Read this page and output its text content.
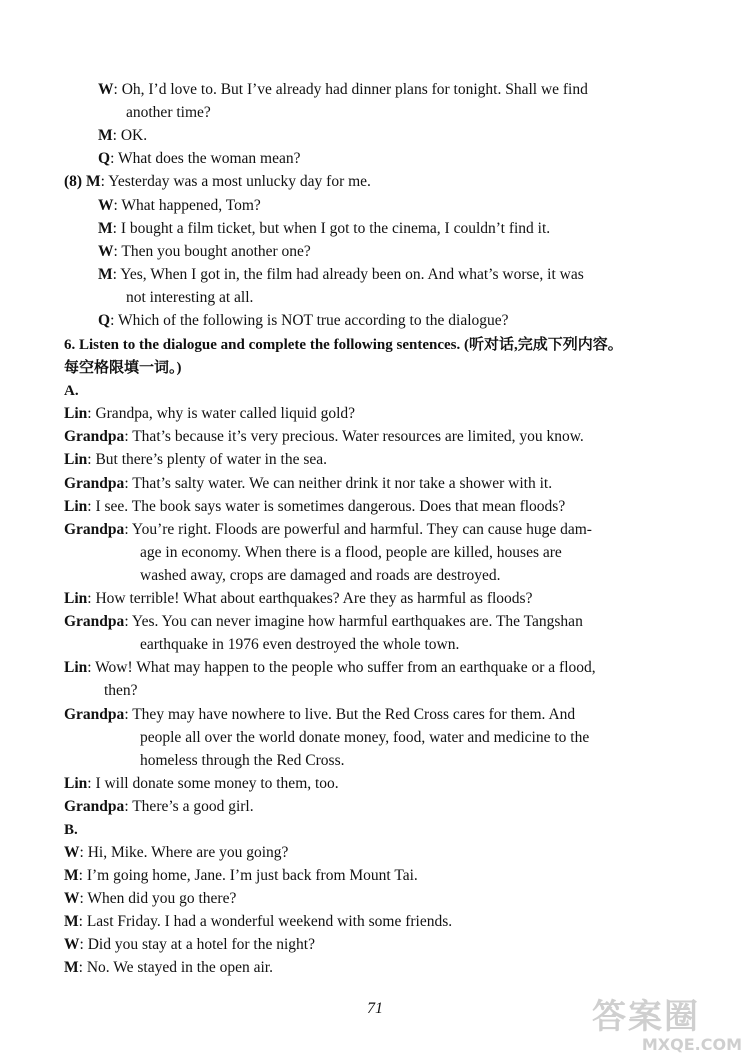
W: Oh, I’d love to. But I’ve already had dinner plans for tonight. Shall we find
another time?
M: OK.
Q: What does the woman mean?
(8) M: Yesterday was a most unlucky day for me.
W: What happened, Tom?
M: I bought a film ticket, but when I got to the cinema, I couldn’t find it.
W: Then you bought another one?
M: Yes, When I got in, the film had already been on. And what’s worse, it was
not interesting at all.
Q: Which of the following is NOT true according to the dialogue?
6. Listen to the dialogue and complete the following sentences. (听对话,完成下列内容。
每空格限填一词。)
A.
Lin: Grandpa, why is water called liquid gold?
Grandpa: That’s because it’s very precious. Water resources are limited, you know.
Lin: But there’s plenty of water in the sea.
Grandpa: That’s salty water. We can neither drink it nor take a shower with it.
Lin: I see. The book says water is sometimes dangerous. Does that mean floods?
Grandpa: You’re right. Floods are powerful and harmful. They can cause huge dam-
age in economy. When there is a flood, people are killed, houses are
washed away, crops are damaged and roads are destroyed.
Lin: How terrible! What about earthquakes? Are they as harmful as floods?
Grandpa: Yes. You can never imagine how harmful earthquakes are. The Tangshan
earthquake in 1976 even destroyed the whole town.
Lin: Wow! What may happen to the people who suffer from an earthquake or a flood,
then?
Grandpa: They may have nowhere to live. But the Red Cross cares for them. And
people all over the world donate money, food, water and medicine to the
homeless through the Red Cross.
Lin: I will donate some money to them, too.
Grandpa: There’s a good girl.
B.
W: Hi, Mike. Where are you going?
M: I’m going home, Jane. I’m just back from Mount Tai.
W: When did you go there?
M: Last Friday. I had a wonderful weekend with some friends.
W: Did you stay at a hotel for the night?
M: No. We stayed in the open air.
71	答案圈
MXQE.COM
